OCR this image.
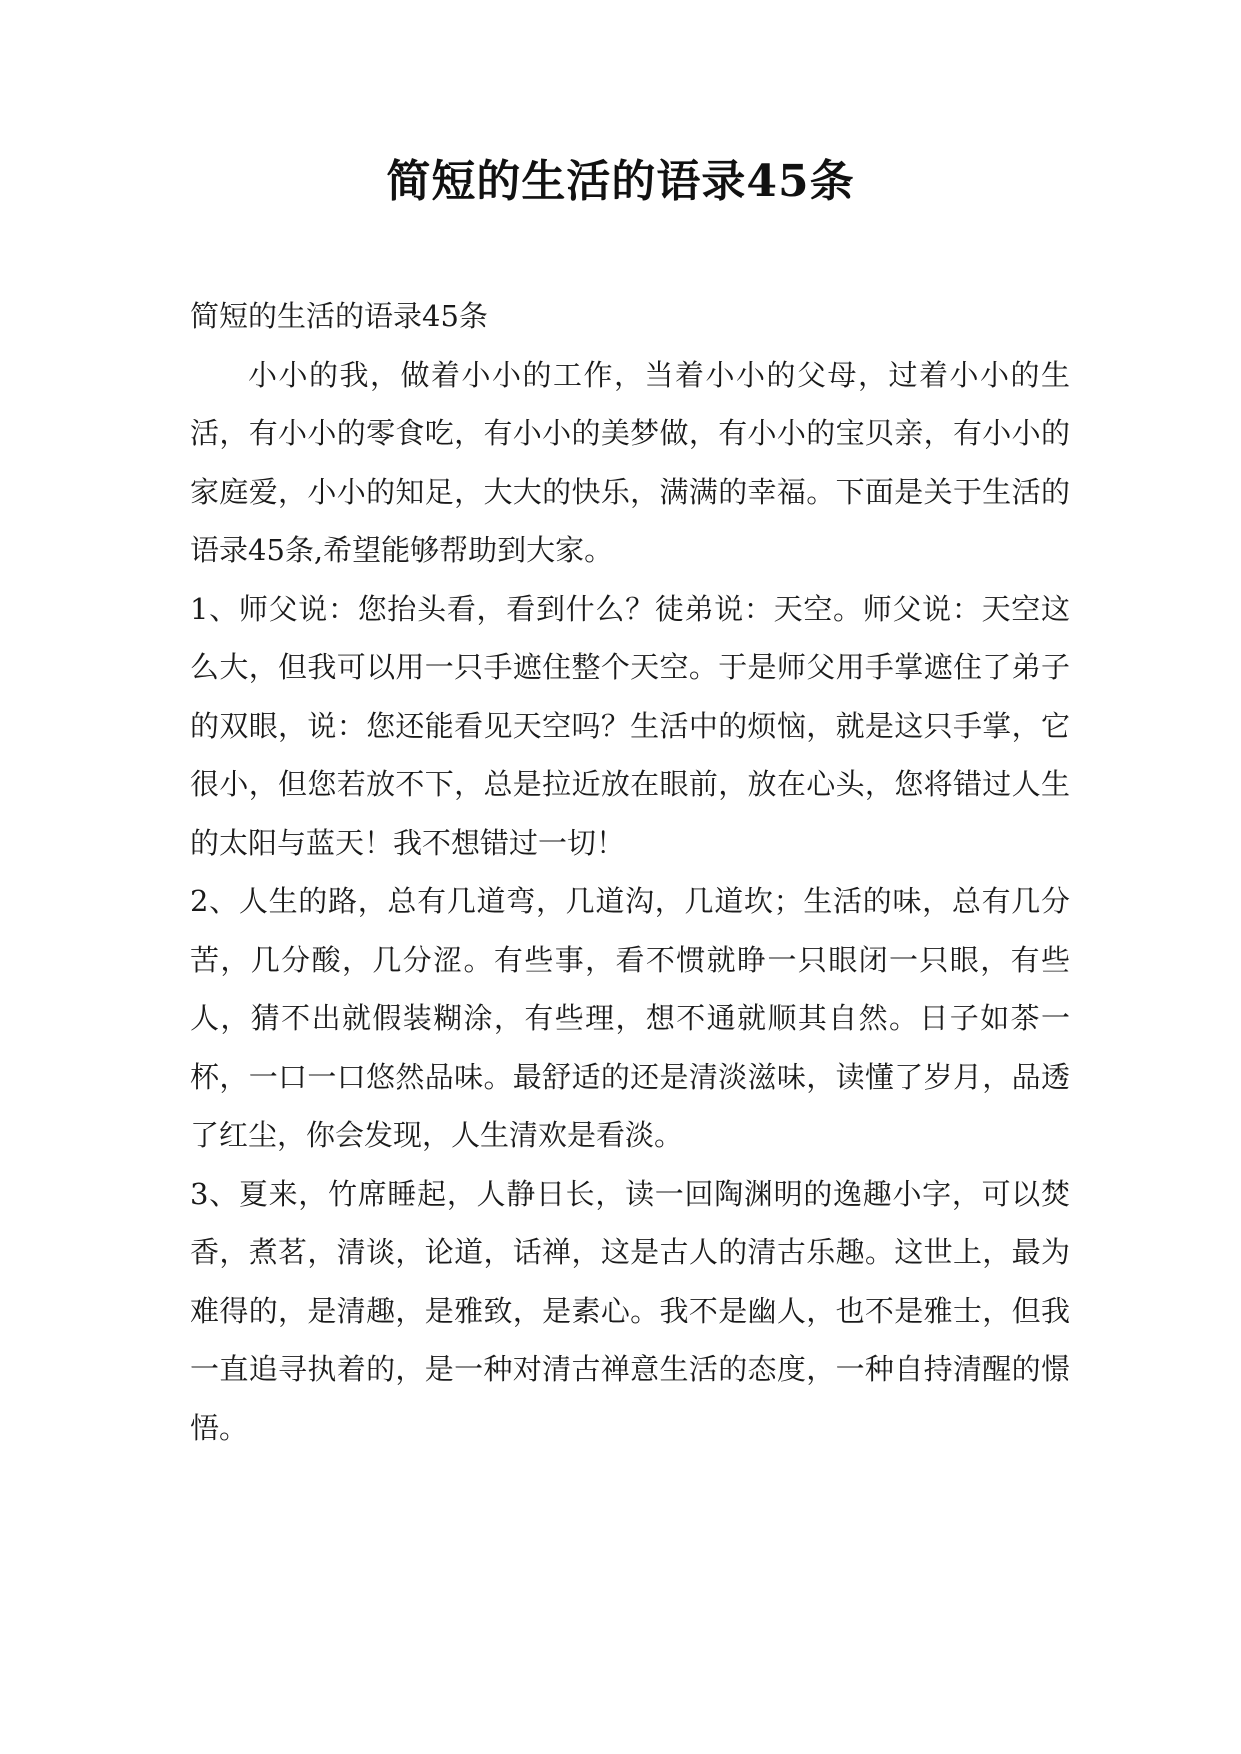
简短的生活的语录45条

简短的生活的语录45条

小小的我，做着小小的工作，当着小小的父母，过着小小的生活，有小小的零食吃，有小小的美梦做，有小小的宝贝亲，有小小的家庭爱，小小的知足，大大的快乐，满满的幸福。下面是关于生活的语录45条,希望能够帮助到大家。

1、师父说：您抬头看，看到什么？徒弟说：天空。师父说：天空这么大，但我可以用一只手遮住整个天空。于是师父用手掌遮住了弟子的双眼，说：您还能看见天空吗？生活中的烦恼，就是这只手掌，它很小，但您若放不下，总是拉近放在眼前，放在心头，您将错过人生的太阳与蓝天！我不想错过一切！

2、人生的路，总有几道弯，几道沟，几道坎；生活的味，总有几分苦，几分酸，几分涩。有些事，看不惯就睁一只眼闭一只眼，有些人，猜不出就假装糊涂，有些理，想不通就顺其自然。日子如茶一杯，一口一口悠然品味。最舒适的还是清淡滋味，读懂了岁月，品透了红尘，你会发现，人生清欢是看淡。

3、夏来，竹席睡起，人静日长，读一回陶渊明的逸趣小字，可以焚香，煮茗，清谈，论道，话禅，这是古人的清古乐趣。这世上，最为难得的，是清趣，是雅致，是素心。我不是幽人，也不是雅士，但我一直追寻执着的，是一种对清古禅意生活的态度，一种自持清醒的憬悟。
